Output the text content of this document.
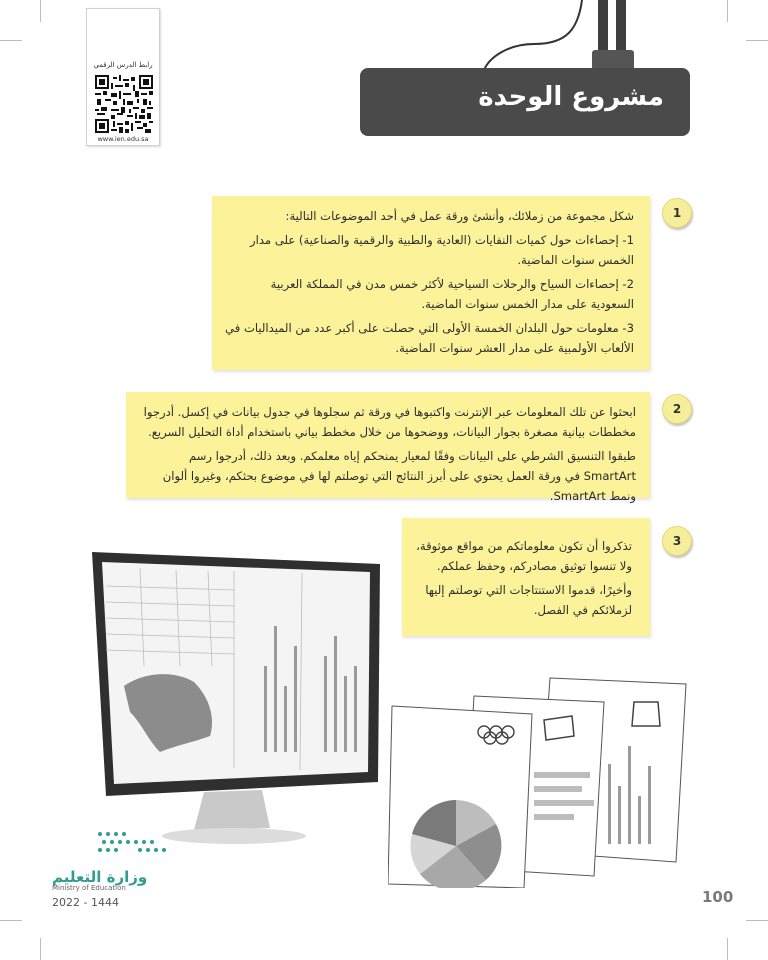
رابط الدرس الرقمي
www.ien.edu.sa
مشروع الوحدة
1

شكل مجموعة من زملائك، وأنشئ ورقة عمل في أحد الموضوعات التالية:

1- إحصاءات حول كميات النفايات (العادية والطبية والرقمية والصناعية) على مدار الخمس سنوات الماضية.

2- إحصاءات السياح والرحلات السياحية لأكثر خمس مدن في المملكة العربية السعودية على مدار الخمس سنوات الماضية.

3- معلومات حول البلدان الخمسة الأولى التي حصلت على أكبر عدد من الميداليات في الألعاب الأولمبية على مدار العشر سنوات الماضية.

2

ابحثوا عن تلك المعلومات عبر الإنترنت واكتبوها في ورقة ثم سجلوها في جدول بيانات في إكسل. أدرجوا مخططات بيانية مصغرة بجوار البيانات، ووضحوها من خلال مخطط بياني باستخدام أداة التحليل السريع.

طبقوا التنسيق الشرطي على البيانات وفقًا لمعيار يمنحكم إياه معلمكم. وبعد ذلك، أدرجوا رسم SmartArt في ورقة العمل يحتوي على أبرز النتائج التي توصلتم لها في موضوع بحثكم، وغيروا ألوان ونمط SmartArt.

3

تذكروا أن تكون معلوماتكم من مواقع موثوقة، ولا تنسوا توثيق مصادركم، وحفظ عملكم.

وأخيرًا، قدموا الاستنتاجات التي توصلتم إليها لزملائكم في الفصل.

وزارة التعليم
Ministry of Education
2022 - 1444	100
